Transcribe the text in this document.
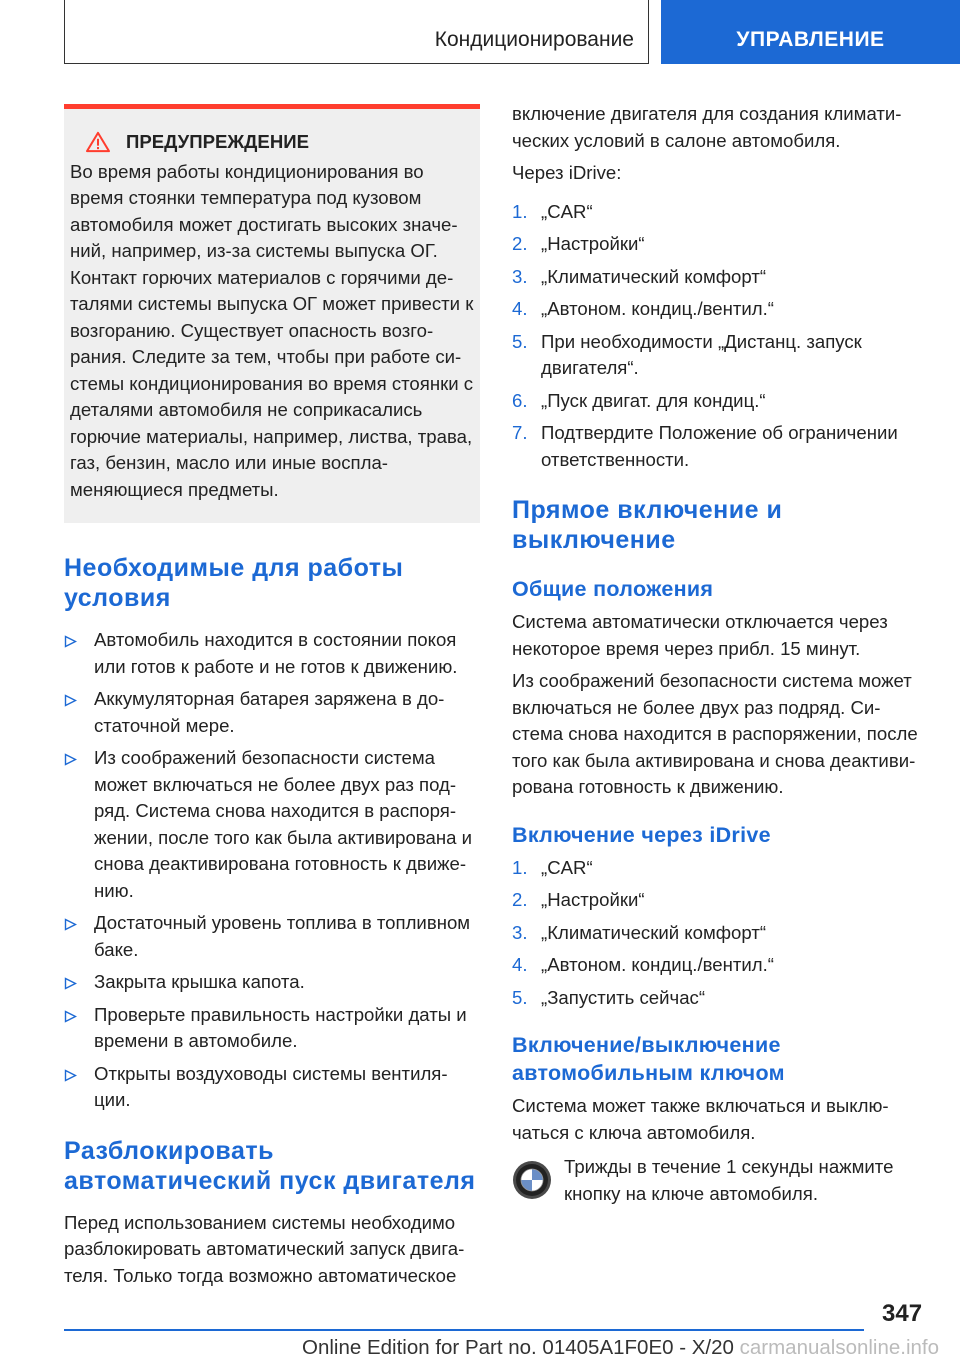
Кондиционирование	УПРАВЛЕНИЕ
ПРЕДУПРЕЖДЕНИЕ

Во время работы кондиционирования во время стоянки температура под кузовом автомобиля может достигать высоких значе-ний, например, из-за системы выпуска ОГ. Контакт горючих материалов с горячими де-талями системы выпуска ОГ может привести к возгоранию. Существует опасность возго-рания. Следите за тем, чтобы при работе си-стемы кондиционирования во время стоянки с деталями автомобиля не соприкасались горючие материалы, например, листва, трава, газ, бензин, масло или иные воспла-меняющиеся предметы.

Необходимые для работы условия
Автомобиль находится в состоянии покоя или готов к работе и не готов к движению.
Аккумуляторная батарея заряжена в до-статочной мере.
Из соображений безопасности система может включаться не более двух раз под-ряд. Система снова находится в распоря-жении, после того как была активирована и снова деактивирована готовность к движе-нию.
Достаточный уровень топлива в топливном баке.
Закрыта крышка капота.
Проверьте правильность настройки даты и времени в автомобиле.
Открыты воздуховоды системы вентиля-ции.
Разблокировать автоматический пуск двигателя

Перед использованием системы необходимо разблокировать автоматический запуск двига-теля. Только тогда возможно автоматическое

включение двигателя для создания климати-ческих условий в салоне автомобиля.

Через iDrive:

1. „CAR“
2. „Настройки“
3. „Климатический комфорт“
4. „Автоном. кондиц./вентил.“
5. При необходимости „Дистанц. запуск двигателя“.
6. „Пуск двигат. для кондиц.“
7. Подтвердите Положение об ограничении ответственности.
Прямое включение и выключение
Общие положения

Система автоматически отключается через некоторое время через прибл. 15 минут.

Из соображений безопасности система может включаться не более двух раз подряд. Си-стема снова находится в распоряжении, после того как была активирована и снова деактиви-рована готовность к движению.

Включение через iDrive
1. „CAR“
2. „Настройки“
3. „Климатический комфорт“
4. „Автоном. кондиц./вентил.“
5. „Запустить сейчас“
Включение/выключение автомобильным ключом

Система может также включаться и выклю-чаться с ключа автомобиля.

Трижды в течение 1 секунды нажмите кнопку на ключе автомобиля.
347
Online Edition for Part no. 01405A1F0E0 - X/20 carmanualsonline.info
